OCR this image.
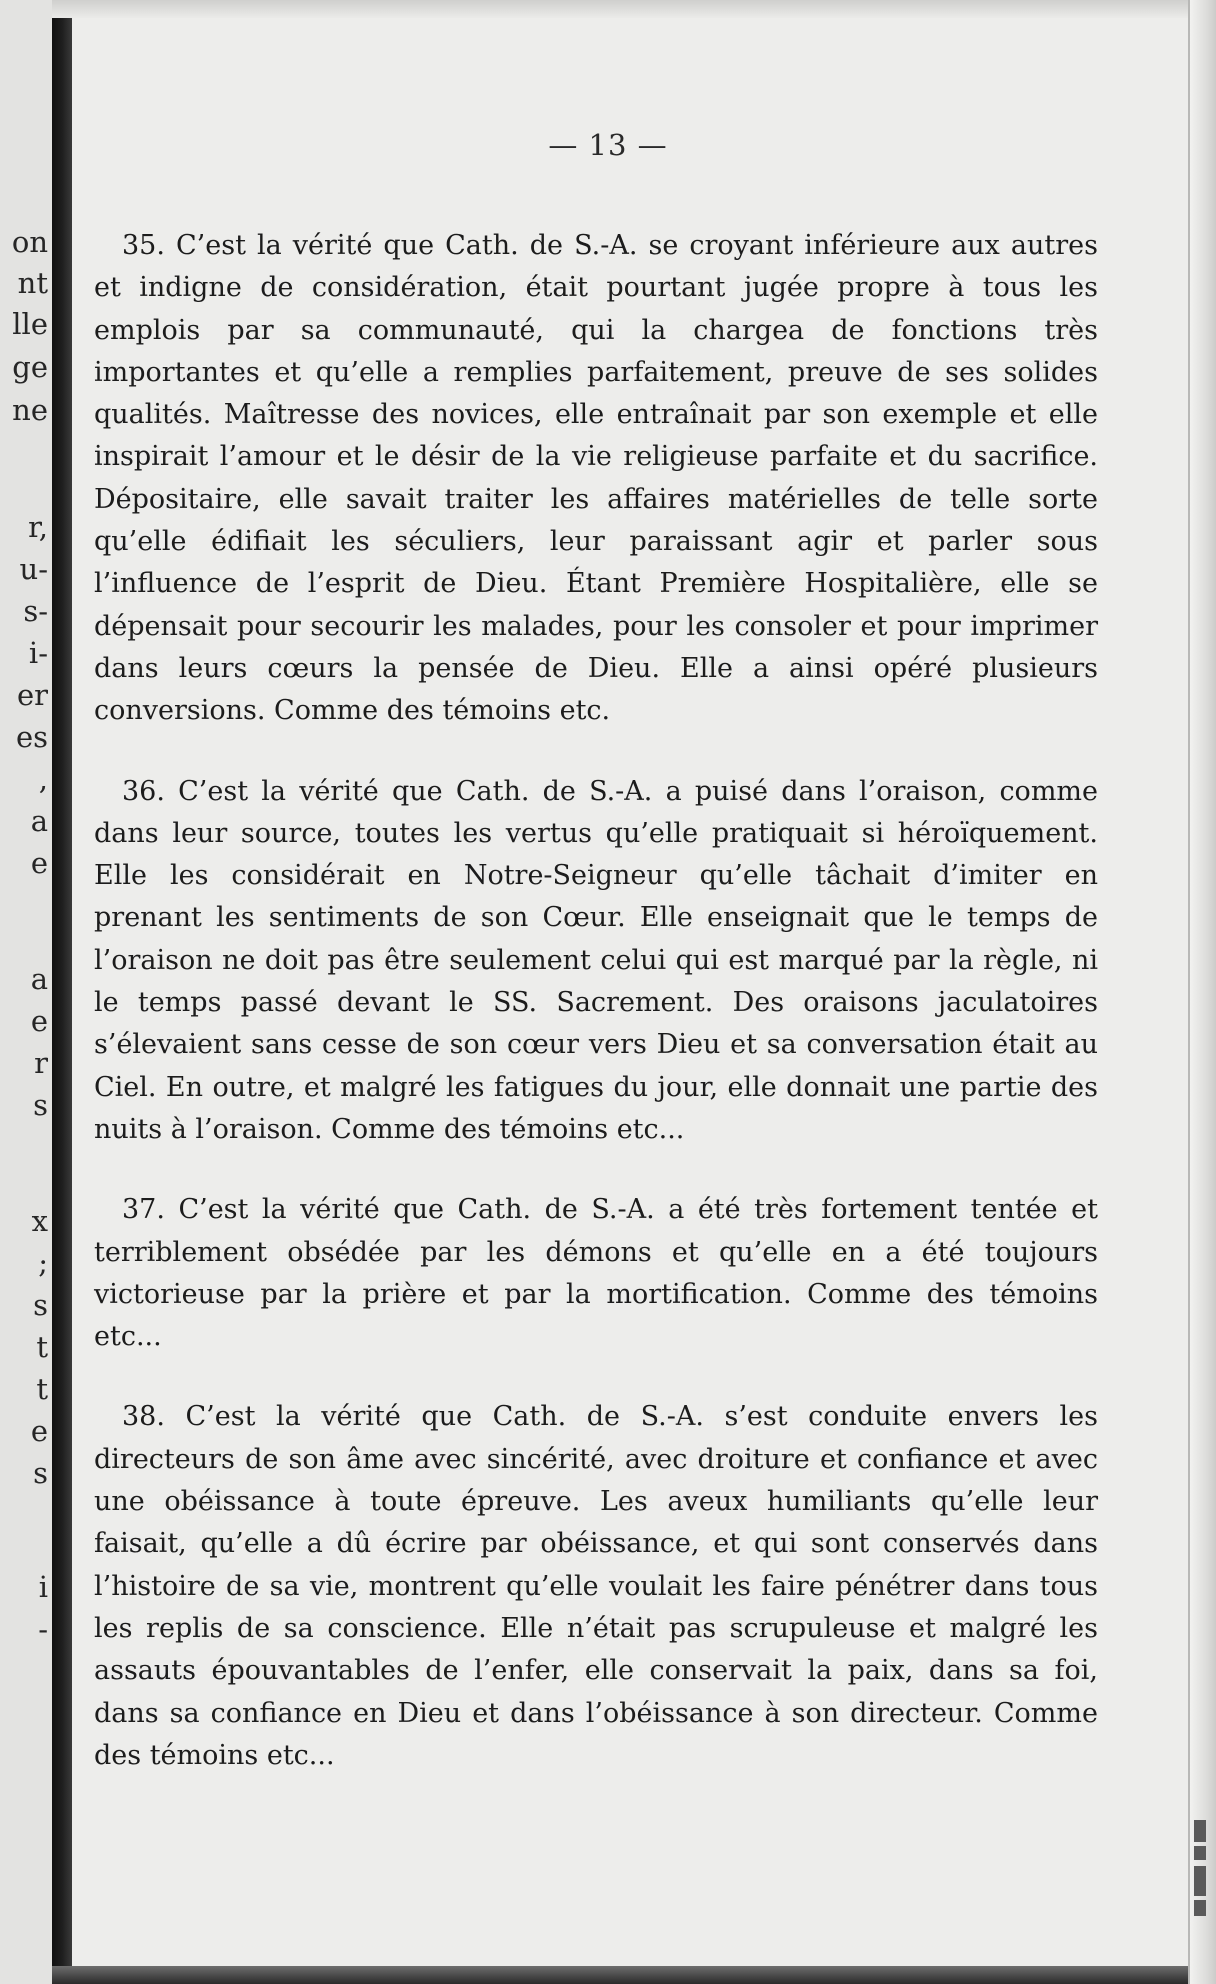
on
nt
lle
ge
ne
r,
u-
s-
i-
er
es
,
a
e
a
e
r
s
x
;
s
t
t
e
s
i
-
— 13 —

35. C’est la vérité que Cath. de S.-A. se croyant inférieure aux autres et indigne de considération, était pourtant jugée propre à tous les emplois par sa communauté, qui la chargea de fonctions très importantes et qu’elle a remplies parfaitement, preuve de ses solides qualités. Maîtresse des novices, elle entraînait par son exemple et elle inspirait l’amour et le désir de la vie religieuse parfaite et du sacrifice. Dépositaire, elle savait traiter les affaires matérielles de telle sorte qu’elle édifiait les séculiers, leur paraissant agir et parler sous l’influence de l’esprit de Dieu. Étant Première Hospitalière, elle se dépensait pour secourir les malades, pour les consoler et pour imprimer dans leurs cœurs la pensée de Dieu. Elle a ainsi opéré plusieurs conversions. Comme des témoins etc.

36. C’est la vérité que Cath. de S.-A. a puisé dans l’oraison, comme dans leur source, toutes les vertus qu’elle pratiquait si héroïquement. Elle les considérait en Notre-Seigneur qu’elle tâchait d’imiter en prenant les sentiments de son Cœur. Elle enseignait que le temps de l’oraison ne doit pas être seulement celui qui est marqué par la règle, ni le temps passé devant le SS. Sacrement. Des oraisons jaculatoires s’élevaient sans cesse de son cœur vers Dieu et sa conversation était au Ciel. En outre, et malgré les fatigues du jour, elle donnait une partie des nuits à l’oraison. Comme des témoins etc...

37. C’est la vérité que Cath. de S.-A. a été très fortement tentée et terriblement obsédée par les démons et qu’elle en a été toujours victorieuse par la prière et par la mortification. Comme des témoins etc...

38. C’est la vérité que Cath. de S.-A. s’est conduite envers les directeurs de son âme avec sincérité, avec droiture et confiance et avec une obéissance à toute épreuve. Les aveux humiliants qu’elle leur faisait, qu’elle a dû écrire par obéissance, et qui sont conservés dans l’histoire de sa vie, montrent qu’elle voulait les faire pénétrer dans tous les replis de sa conscience. Elle n’était pas scrupuleuse et malgré les assauts épouvantables de l’enfer, elle conservait la paix, dans sa foi, dans sa confiance en Dieu et dans l’obéissance à son directeur. Comme des témoins etc...
